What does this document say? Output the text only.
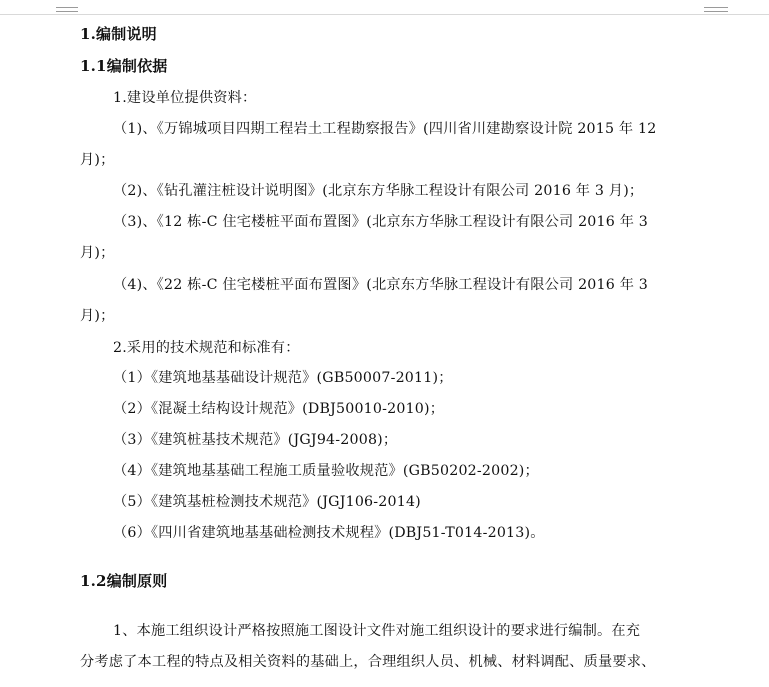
1.编制说明
1.1编制依据
1.建设单位提供资料：
（1)、《万锦城项目四期工程岩土工程勘察报告》(四川省川建勘察设计院 2015 年 12
月)；
（2)、《钻孔灌注桩设计说明图》(北京东方华脉工程设计有限公司 2016 年 3 月)；
（3)、《12 栋-C 住宅楼桩平面布置图》(北京东方华脉工程设计有限公司 2016 年 3
月)；
（4)、《22 栋-C 住宅楼桩平面布置图》(北京东方华脉工程设计有限公司 2016 年 3
月)；
2.采用的技术规范和标准有：
（1）《建筑地基基础设计规范》(GB50007-2011)；
（2）《混凝土结构设计规范》(DBJ50010-2010)；
（3）《建筑桩基技术规范》(JGJ94-2008)；
（4）《建筑地基基础工程施工质量验收规范》(GB50202-2002)；
（5）《建筑基桩检测技术规范》(JGJ106-2014)
（6）《四川省建筑地基基础检测技术规程》(DBJ51-T014-2013)。
1.2编制原则
1、本施工组织设计严格按照施工图设计文件对施工组织设计的要求进行编制。在充
分考虑了本工程的特点及相关资料的基础上，合理组织人员、机械、材料调配、质量要求、
